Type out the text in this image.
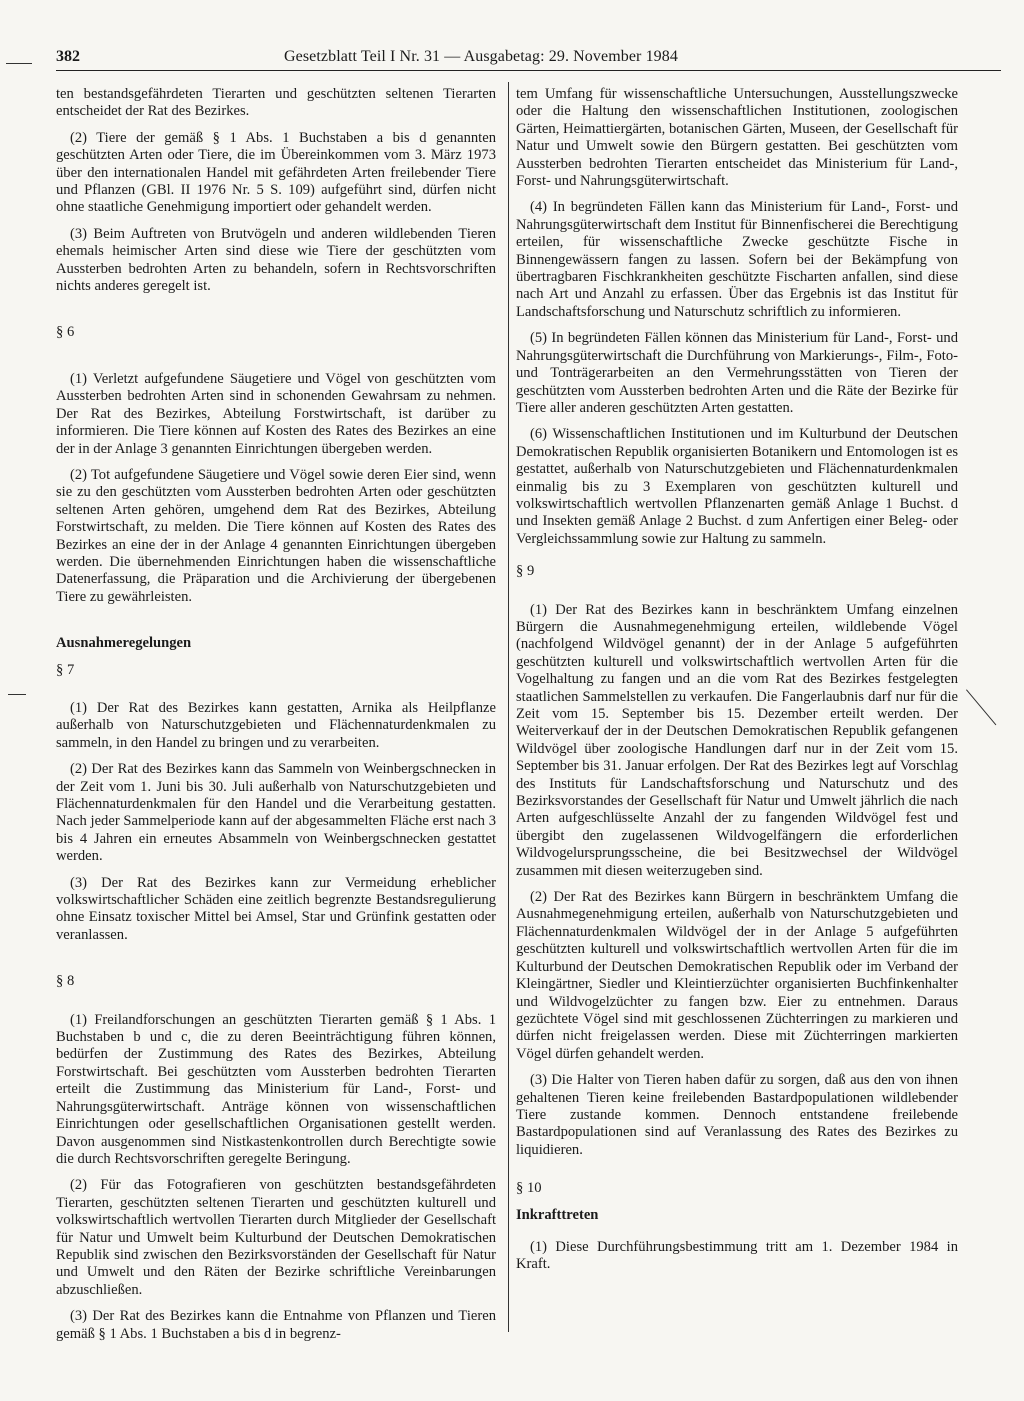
382	Gesetzblatt Teil I Nr. 31 — Ausgabetag: 29. November 1984

ten bestandsgefährdeten Tierarten und geschützten seltenen Tierarten entscheidet der Rat des Bezirkes.

(2) Tiere der gemäß § 1 Abs. 1 Buchstaben a bis d genannten geschützten Arten oder Tiere, die im Übereinkommen vom 3. März 1973 über den internationalen Handel mit gefährdeten Arten freilebender Tiere und Pflanzen (GBl. II 1976 Nr. 5 S. 109) aufgeführt sind, dürfen nicht ohne staatliche Genehmigung importiert oder gehandelt werden.

(3) Beim Auftreten von Brutvögeln und anderen wildlebenden Tieren ehemals heimischer Arten sind diese wie Tiere der geschützten vom Aussterben bedrohten Arten zu behandeln, sofern in Rechtsvorschriften nichts anderes geregelt ist.

§ 6

(1) Verletzt aufgefundene Säugetiere und Vögel von geschützten vom Aussterben bedrohten Arten sind in schonenden Gewahrsam zu nehmen. Der Rat des Bezirkes, Abteilung Forstwirtschaft, ist darüber zu informieren. Die Tiere können auf Kosten des Rates des Bezirkes an eine der in der Anlage 3 genannten Einrichtungen übergeben werden.

(2) Tot aufgefundene Säugetiere und Vögel sowie deren Eier sind, wenn sie zu den geschützten vom Aussterben bedrohten Arten oder geschützten seltenen Arten gehören, umgehend dem Rat des Bezirkes, Abteilung Forstwirtschaft, zu melden. Die Tiere können auf Kosten des Rates des Bezirkes an eine der in der Anlage 4 genannten Einrichtungen übergeben werden. Die übernehmenden Einrichtungen haben die wissenschaftliche Datenerfassung, die Präparation und die Archivierung der übergebenen Tiere zu gewährleisten.

Ausnahmeregelungen

§ 7

(1) Der Rat des Bezirkes kann gestatten, Arnika als Heilpflanze außerhalb von Naturschutzgebieten und Flächennaturdenkmalen zu sammeln, in den Handel zu bringen und zu verarbeiten.

(2) Der Rat des Bezirkes kann das Sammeln von Weinbergschnecken in der Zeit vom 1. Juni bis 30. Juli außerhalb von Naturschutzgebieten und Flächennaturdenkmalen für den Handel und die Verarbeitung gestatten. Nach jeder Sammelperiode kann auf der abgesammelten Fläche erst nach 3 bis 4 Jahren ein erneutes Absammeln von Weinbergschnecken gestattet werden.

(3) Der Rat des Bezirkes kann zur Vermeidung erheblicher volkswirtschaftlicher Schäden eine zeitlich begrenzte Bestandsregulierung ohne Einsatz toxischer Mittel bei Amsel, Star und Grünfink gestatten oder veranlassen.

§ 8

(1) Freilandforschungen an geschützten Tierarten gemäß § 1 Abs. 1 Buchstaben b und c, die zu deren Beeinträchtigung führen können, bedürfen der Zustimmung des Rates des Bezirkes, Abteilung Forstwirtschaft. Bei geschützten vom Aussterben bedrohten Tierarten erteilt die Zustimmung das Ministerium für Land-, Forst- und Nahrungsgüterwirtschaft. Anträge können von wissenschaftlichen Einrichtungen oder gesellschaftlichen Organisationen gestellt werden. Davon ausgenommen sind Nistkastenkontrollen durch Berechtigte sowie die durch Rechtsvorschriften geregelte Beringung.

(2) Für das Fotografieren von geschützten bestandsgefährdeten Tierarten, geschützten seltenen Tierarten und geschützten kulturell und volkswirtschaftlich wertvollen Tierarten durch Mitglieder der Gesellschaft für Natur und Umwelt beim Kulturbund der Deutschen Demokratischen Republik sind zwischen den Bezirksvorständen der Gesellschaft für Natur und Umwelt und den Räten der Bezirke schriftliche Vereinbarungen abzuschließen.

(3) Der Rat des Bezirkes kann die Entnahme von Pflanzen und Tieren gemäß § 1 Abs. 1 Buchstaben a bis d in begrenz-

tem Umfang für wissenschaftliche Untersuchungen, Ausstellungszwecke oder die Haltung den wissenschaftlichen Institutionen, zoologischen Gärten, Heimattiergärten, botanischen Gärten, Museen, der Gesellschaft für Natur und Umwelt sowie den Bürgern gestatten. Bei geschützten vom Aussterben bedrohten Tierarten entscheidet das Ministerium für Land-, Forst- und Nahrungsgüterwirtschaft.

(4) In begründeten Fällen kann das Ministerium für Land-, Forst- und Nahrungsgüterwirtschaft dem Institut für Binnenfischerei die Berechtigung erteilen, für wissenschaftliche Zwecke geschützte Fische in Binnengewässern fangen zu lassen. Sofern bei der Bekämpfung von übertragbaren Fischkrankheiten geschützte Fischarten anfallen, sind diese nach Art und Anzahl zu erfassen. Über das Ergebnis ist das Institut für Landschaftsforschung und Naturschutz schriftlich zu informieren.

(5) In begründeten Fällen können das Ministerium für Land-, Forst- und Nahrungsgüterwirtschaft die Durchführung von Markierungs-, Film-, Foto- und Tonträgerarbeiten an den Vermehrungsstätten von Tieren der geschützten vom Aussterben bedrohten Arten und die Räte der Bezirke für Tiere aller anderen geschützten Arten gestatten.

(6) Wissenschaftlichen Institutionen und im Kulturbund der Deutschen Demokratischen Republik organisierten Botanikern und Entomologen ist es gestattet, außerhalb von Naturschutzgebieten und Flächennaturdenkmalen einmalig bis zu 3 Exemplaren von geschützten kulturell und volkswirtschaftlich wertvollen Pflanzenarten gemäß Anlage 1 Buchst. d und Insekten gemäß Anlage 2 Buchst. d zum Anfertigen einer Beleg- oder Vergleichssammlung sowie zur Haltung zu sammeln.

§ 9

(1) Der Rat des Bezirkes kann in beschränktem Umfang einzelnen Bürgern die Ausnahmegenehmigung erteilen, wildlebende Vögel (nachfolgend Wildvögel genannt) der in der Anlage 5 aufgeführten geschützten kulturell und volkswirtschaftlich wertvollen Arten für die Vogelhaltung zu fangen und an die vom Rat des Bezirkes festgelegten staatlichen Sammelstellen zu verkaufen. Die Fangerlaubnis darf nur für die Zeit vom 15. September bis 15. Dezember erteilt werden. Der Weiterverkauf der in der Deutschen Demokratischen Republik gefangenen Wildvögel über zoologische Handlungen darf nur in der Zeit vom 15. September bis 31. Januar erfolgen. Der Rat des Bezirkes legt auf Vorschlag des Instituts für Landschaftsforschung und Naturschutz und des Bezirksvorstandes der Gesellschaft für Natur und Umwelt jährlich die nach Arten aufgeschlüsselte Anzahl der zu fangenden Wildvögel fest und übergibt den zugelassenen Wildvogelfängern die erforderlichen Wildvogelursprungsscheine, die bei Besitzwechsel der Wildvögel zusammen mit diesen weiterzugeben sind.

(2) Der Rat des Bezirkes kann Bürgern in beschränktem Umfang die Ausnahmegenehmigung erteilen, außerhalb von Naturschutzgebieten und Flächennaturdenkmalen Wildvögel der in der Anlage 5 aufgeführten geschützten kulturell und volkswirtschaftlich wertvollen Arten für die im Kulturbund der Deutschen Demokratischen Republik oder im Verband der Kleingärtner, Siedler und Kleintierzüchter organisierten Buchfinkenhalter und Wildvogelzüchter zu fangen bzw. Eier zu entnehmen. Daraus gezüchtete Vögel sind mit geschlossenen Züchterringen zu markieren und dürfen nicht freigelassen werden. Diese mit Züchterringen markierten Vögel dürfen gehandelt werden.

(3) Die Halter von Tieren haben dafür zu sorgen, daß aus den von ihnen gehaltenen Tieren keine freilebenden Bastardpopulationen wildlebender Tiere zustande kommen. Dennoch entstandene freilebende Bastardpopulationen sind auf Veranlassung des Rates des Bezirkes zu liquidieren.

§ 10

Inkrafttreten

(1) Diese Durchführungsbestimmung tritt am 1. Dezember 1984 in Kraft.
